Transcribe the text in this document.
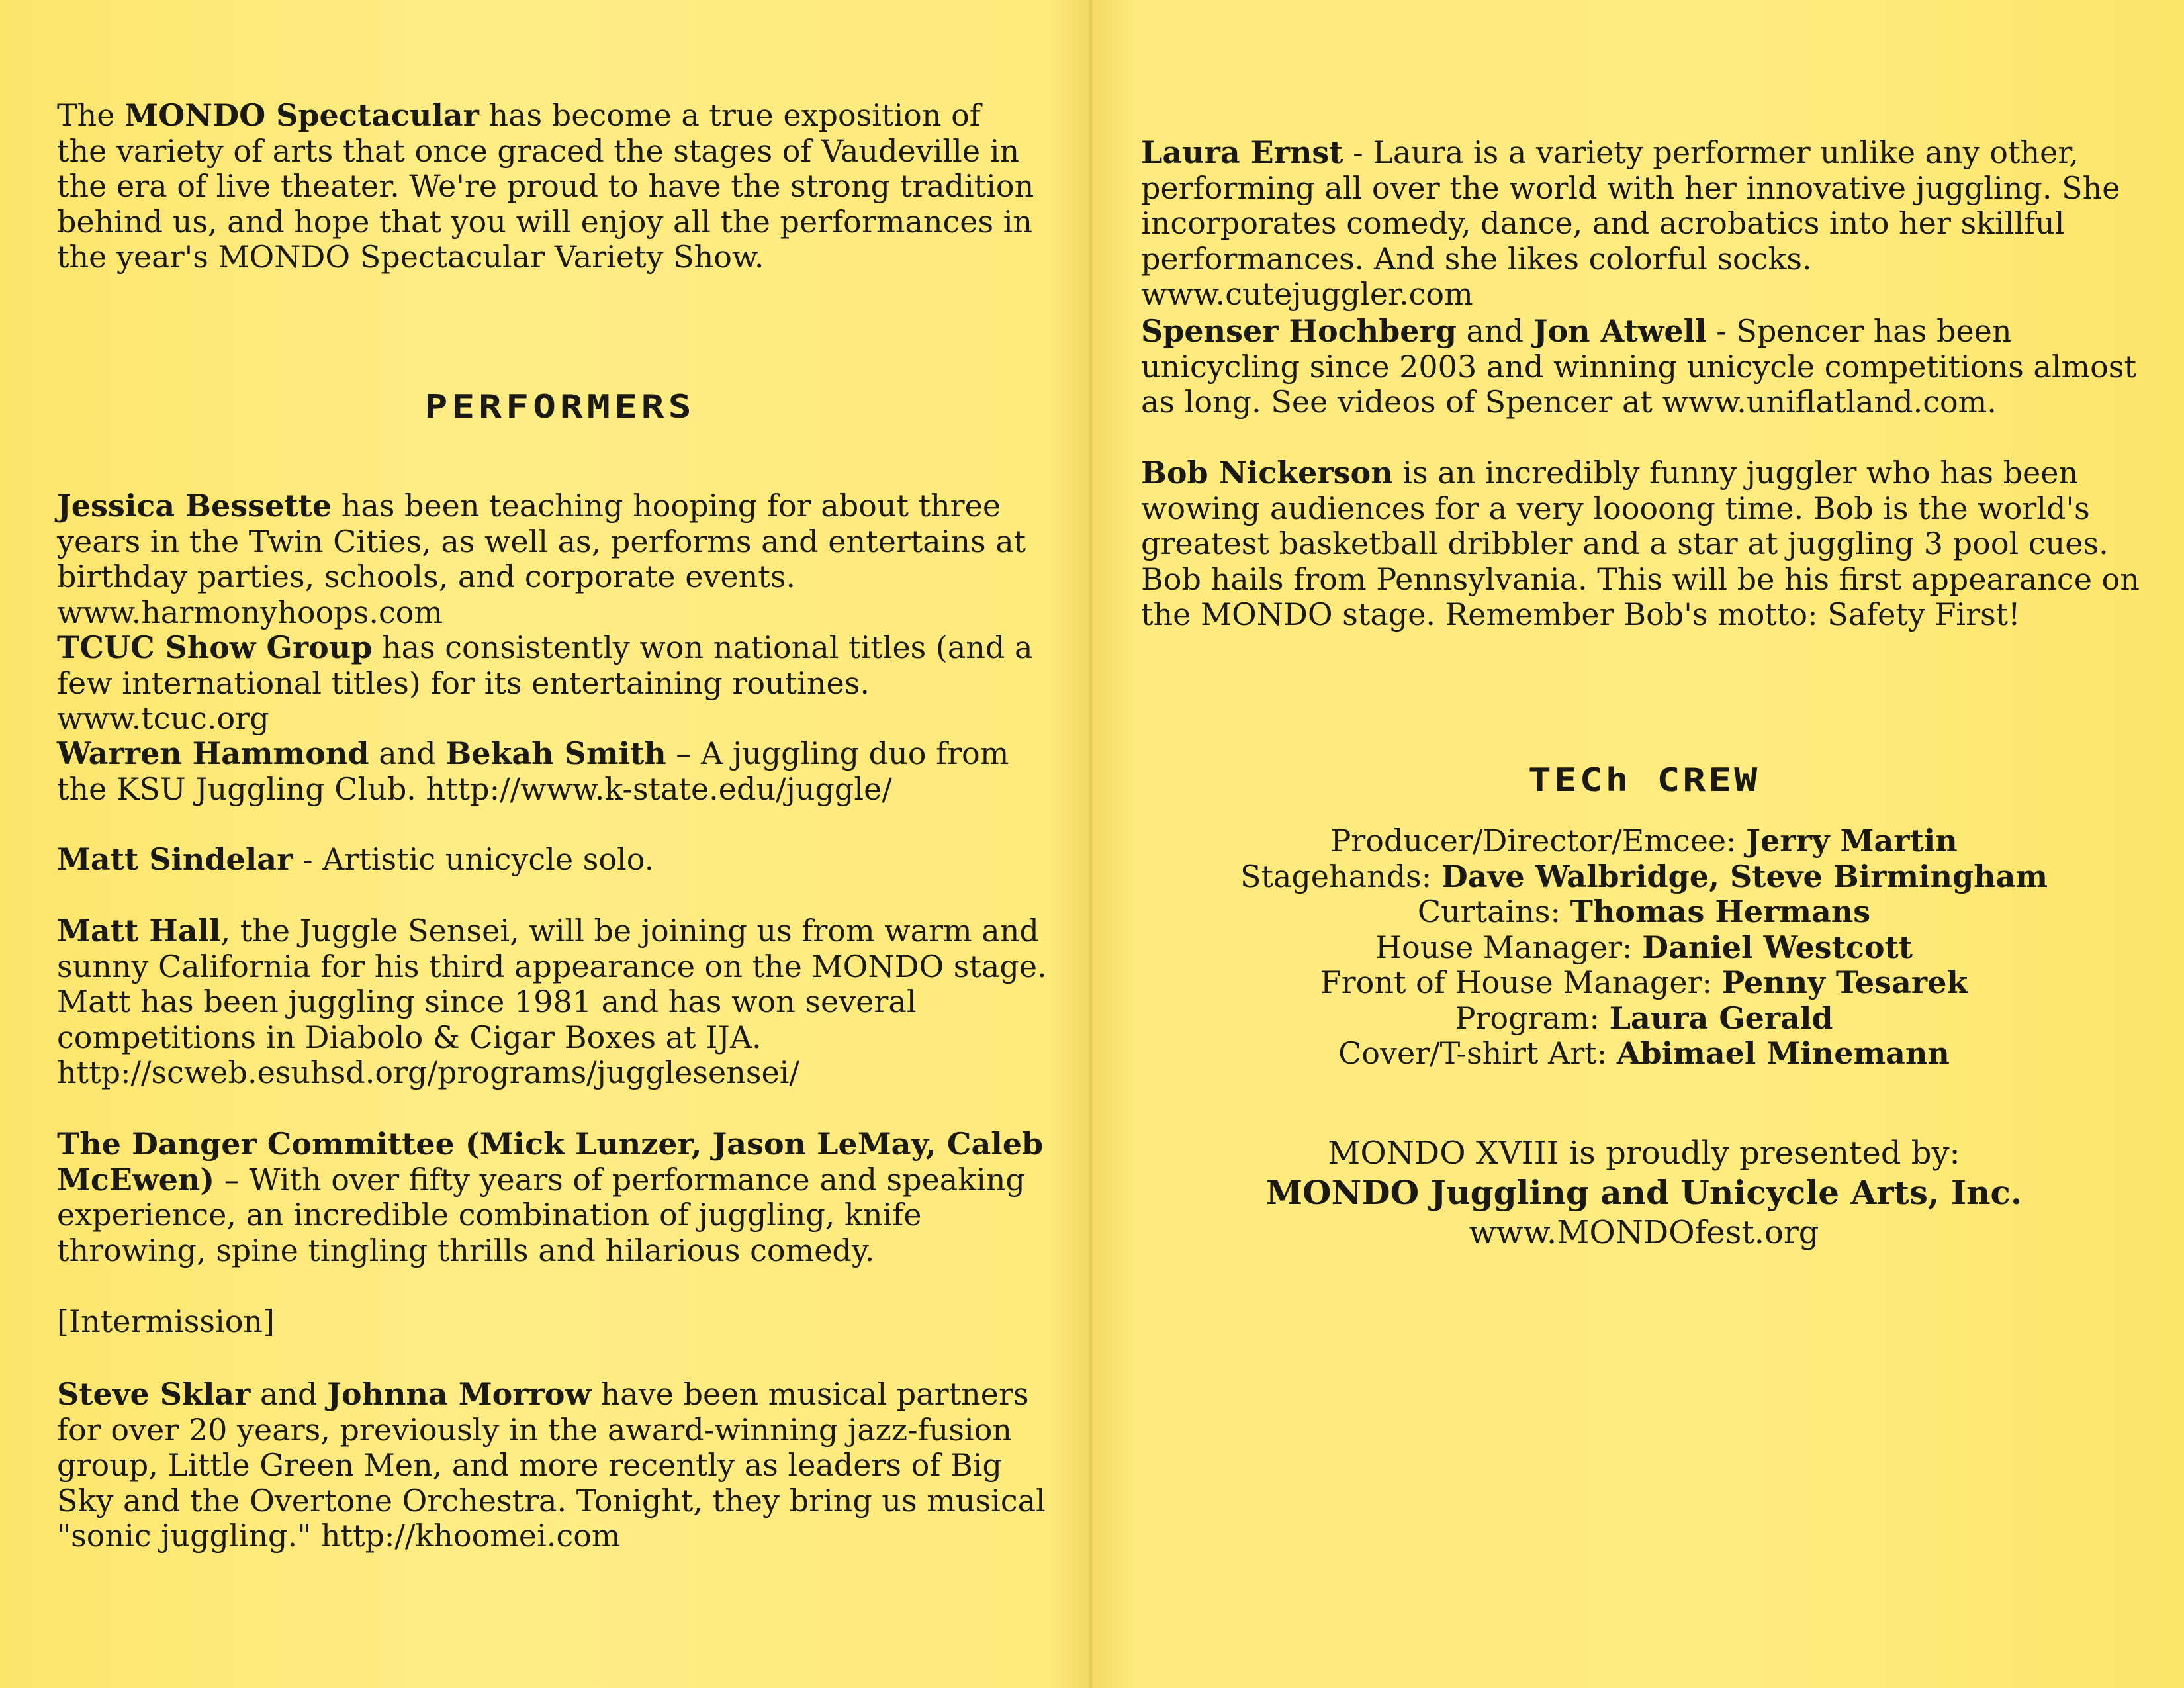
The MONDO Spectacular has become a true exposition of the variety of arts that once graced the stages of Vaudeville in the era of live theater. We're proud to have the strong tradition behind us, and hope that you will enjoy all the performances in the year's MONDO Spectacular Variety Show.

PERFORMERS

Jessica Bessette has been teaching hooping for about three years in the Twin Cities, as well as, performs and entertains at birthday parties, schools, and corporate events. www.harmonyhoops.com

TCUC Show Group has consistently won national titles (and a few international titles) for its entertaining routines. www.tcuc.org

Warren Hammond and Bekah Smith – A juggling duo from the KSU Juggling Club. http://www.k-state.edu/juggle/

Matt Sindelar - Artistic unicycle solo.

Matt Hall, the Juggle Sensei, will be joining us from warm and sunny California for his third appearance on the MONDO stage. Matt has been juggling since 1981 and has won several competitions in Diabolo & Cigar Boxes at IJA. http://scweb.esuhsd.org/programs/jugglesensei/

The Danger Committee (Mick Lunzer, Jason LeMay, Caleb McEwen) – With over fifty years of performance and speaking experience, an incredible combination of juggling, knife throwing, spine tingling thrills and hilarious comedy.

[Intermission]

Steve Sklar and Johnna Morrow have been musical partners for over 20 years, previously in the award-winning jazz-fusion group, Little Green Men, and more recently as leaders of Big Sky and the Overtone Orchestra. Tonight, they bring us musical "sonic juggling." http://khoomei.com

Laura Ernst - Laura is a variety performer unlike any other, performing all over the world with her innovative juggling. She incorporates comedy, dance, and acrobatics into her skillful performances. And she likes colorful socks. www.cutejuggler.com

Spenser Hochberg and Jon Atwell - Spencer has been unicycling since 2003 and winning unicycle competitions almost as long. See videos of Spencer at www.uniflatland.com.

Bob Nickerson is an incredibly funny juggler who has been wowing audiences for a very loooong time. Bob is the world's greatest basketball dribbler and a star at juggling 3 pool cues. Bob hails from Pennsylvania. This will be his first appearance on the MONDO stage. Remember Bob's motto: Safety First!

TECh CREW

Producer/Director/Emcee: Jerry Martin

Stagehands: Dave Walbridge, Steve Birmingham

Curtains: Thomas Hermans

House Manager: Daniel Westcott

Front of House Manager: Penny Tesarek

Program: Laura Gerald

Cover/T-shirt Art: Abimael Minemann

MONDO XVIII is proudly presented by:

MONDO Juggling and Unicycle Arts, Inc.

www.MONDOfest.org
